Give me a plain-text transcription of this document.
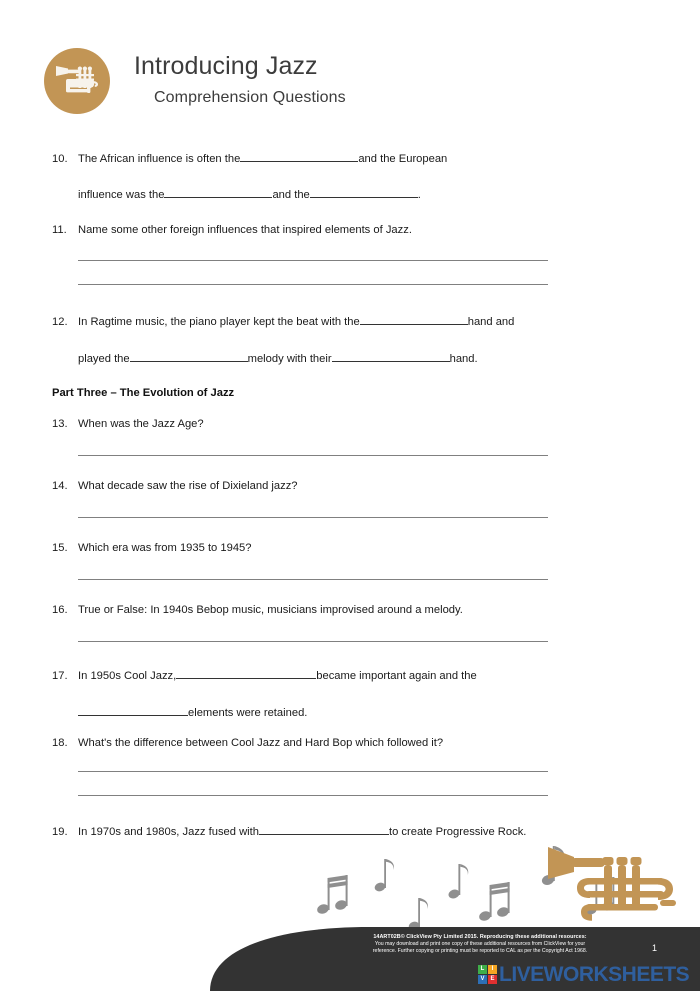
Introducing Jazz
Comprehension Questions
10. The African influence is often the	and the European
influence was the	and the	.
11.	Name some other foreign influences that inspired elements of Jazz.
12. In Ragtime music, the piano player kept the beat with the	hand and
played the	melody with their	hand.
Part Three – The Evolution of Jazz
13. When was the Jazz Age?
14. What decade saw the rise of Dixieland jazz?
15. Which era was from 1935 to 1945?
16. True or False: In 1940s Bebop music, musicians improvised around a melody.
17. In 1950s Cool Jazz,	became important again and the
elements were retained.
18. What's the difference between Cool Jazz and Hard Bop which followed it?
19. In 1970s and 1980s, Jazz fused with	to create Progressive Rock.
14ART02B© ClickView Pty Limited 2015. Reproducing these additional resources:
You may download and print one copy of these additional resources from ClickView for your
reference. Further copying or printing must be reported to CAL as per the Copyright Act 1968.	1
L	I
V E LIVEWORKSHEETS
